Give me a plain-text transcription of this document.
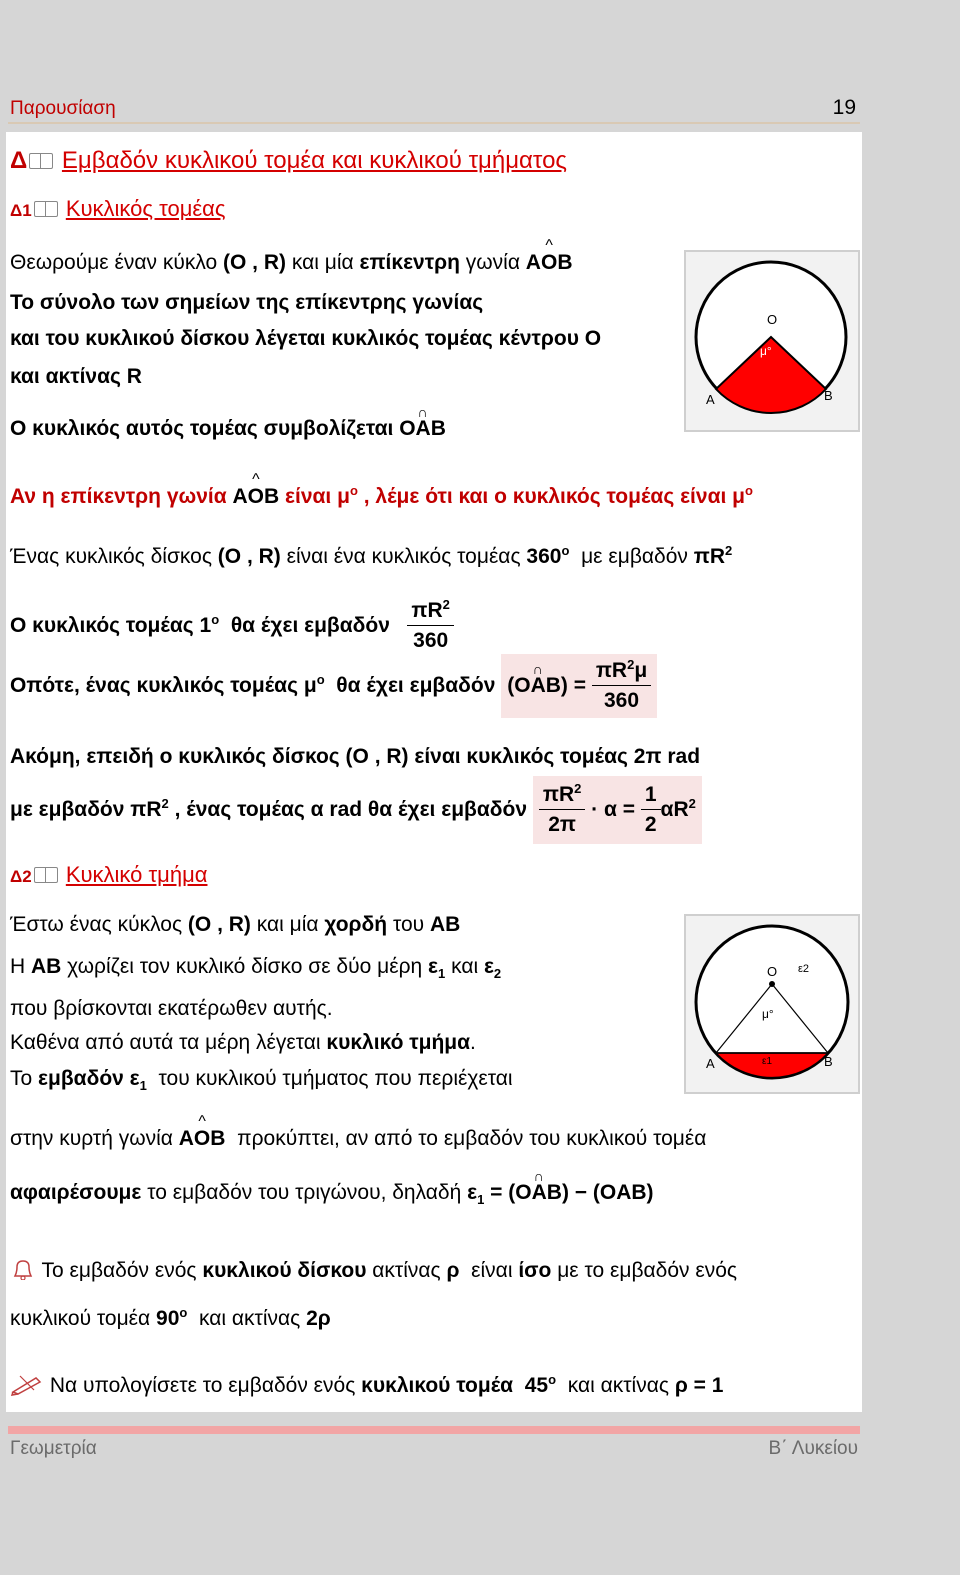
Παρουσίαση	19
Δ Εμβαδόν κυκλικού τομέα και κυκλικού τμήματος
Δ1 Κυκλικός τομέας
Θεωρούμε έναν κύκλο (O , R) και μία επίκεντρη γωνία A^ OB
Το σύνολο των σημείων της επίκεντρης γωνίας
και του κυκλικού δίσκου λέγεται κυκλικός τομέας κέντρου O
και ακτίνας R
Ο κυκλικός αυτός τομέας συμβολίζεται O∩ AB
O
μ°
A	B
Αν η επίκεντρη γωνία A^ OB είναι $\mu^o$ , λέμε ότι και ο κυκλικός τομέας είναι $\mu^o$
Ένας κυκλικός δίσκος (O , R) είναι ένα κυκλικός τομέας $360^o$  με εμβαδόν $\pi R^2$
Ο κυκλικός τομέας $1^o$  θα έχει εμβαδόν $\frac{\pi R^2}{360}$
Οπότε, ένας κυκλικός τομέας $\mu^o$  θα έχει εμβαδόν (O∩ $AB) = \frac{\pi R^2\mu}{360}$
Ακόμη, επειδή ο κυκλικός δίσκος (O , R) είναι κυκλικός τομέας 2π rad
με εμβαδόν $\pi R^2$ , ένας τομέας α rad θα έχει εμβαδόν $\frac{\pi R^2}{2\pi} \cdot \alpha = \frac{1}{2} \alpha R^2$
Δ2 Κυκλικό τμήμα
Έστω ένας κύκλος (O , R) και μία χορδή του AB
Η AB χωρίζει τον κυκλικό δίσκο σε δύο μέρη $\varepsilon_1$ και $\varepsilon_2$
που βρίσκονται εκατέρωθεν αυτής.
Καθένα από αυτά τα μέρη λέγεται κυκλικό τμήμα.
Το εμβαδόν $\varepsilon_1$  του κυκλικού τμήματος που περιέχεται
στην κυρτή γωνία A^ OB  προκύπτει, αν από το εμβαδόν του κυκλικού τομέα
αφαιρέσουμε το εμβαδόν του τριγώνου, δηλαδή $\varepsilon_1$ = (O∩ AB) − (OAB)
O ε2
μ°
A	ε1	B
Το εμβαδόν ενός κυκλικού δίσκου ακτίνας ρ  είναι ίσο με το εμβαδόν ενός
κυκλικού τομέα $90^o$  και ακτίνας 2ρ
Να υπολογίσετε το εμβαδόν ενός κυκλικού τομέα $45^o$  και ακτίνας ρ = 1
Γεωμετρία	Β΄ Λυκείου
